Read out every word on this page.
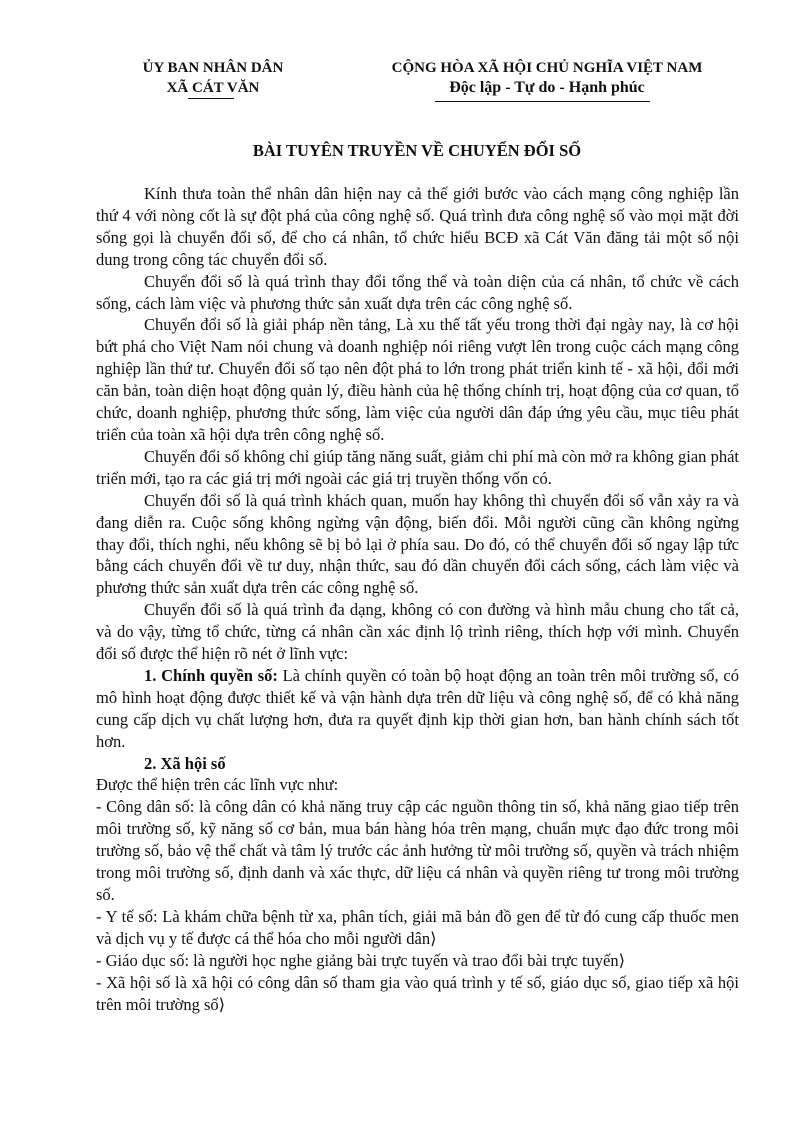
ỦY BAN NHÂN DÂN
XÃ CÁT VĂN
CỘNG HÒA XÃ HỘI CHỦ NGHĨA VIỆT NAM
Độc lập - Tự do - Hạnh phúc
BÀI TUYÊN TRUYỀN VỀ CHUYỂN ĐỔI SỐ

Kính thưa toàn thể nhân dân hiện nay cả thế giới bước vào cách mạng công nghiệp lần thứ 4 với nòng cốt là sự đột phá của công nghệ số. Quá trình đưa công nghệ số vào mọi mặt đời sống gọi là chuyển đổi số, để cho cá nhân, tổ chức hiểu BCĐ xã Cát Văn đăng tải một số nội dung trong công tác chuyển đổi số.

Chuyển đổi số là quá trình thay đổi tổng thể và toàn diện của cá nhân, tổ chức về cách sống, cách làm việc và phương thức sản xuất dựa trên các công nghệ số.

Chuyển đổi số là giải pháp nền tảng, Là xu thế tất yếu trong thời đại ngày nay, là cơ hội bứt phá cho Việt Nam nói chung và doanh nghiệp nói riêng vượt lên trong cuộc cách mạng công nghiệp lần thứ tư. Chuyển đổi số tạo nên đột phá to lớn trong phát triển kinh tế - xã hội, đổi mới căn bản, toàn diện hoạt động quản lý, điều hành của hệ thống chính trị, hoạt động của cơ quan, tổ chức, doanh nghiệp, phương thức sống, làm việc của người dân đáp ứng yêu cầu, mục tiêu phát triển của toàn xã hội dựa trên công nghệ số.

Chuyển đổi số không chỉ giúp tăng năng suất, giảm chi phí mà còn mở ra không gian phát triển mới, tạo ra các giá trị mới ngoài các giá trị truyền thống vốn có.

Chuyển đổi số là quá trình khách quan, muốn hay không thì chuyển đổi số vẫn xảy ra và đang diễn ra. Cuộc sống không ngừng vận động, biến đổi. Mỗi người cũng cần không ngừng thay đổi, thích nghi, nếu không sẽ bị bỏ lại ở phía sau. Do đó, có thể chuyển đổi số ngay lập tức bằng cách chuyển đổi về tư duy, nhận thức, sau đó dần chuyển đổi cách sống, cách làm việc và phương thức sản xuất dựa trên các công nghệ số.

Chuyển đổi số là quá trình đa dạng, không có con đường và hình mẫu chung cho tất cả, và do vậy, từng tổ chức, từng cá nhân cần xác định lộ trình riêng, thích hợp với mình. Chuyển đổi số được thể hiện rõ nét ở lĩnh vực:

1. Chính quyền số: Là chính quyền có toàn bộ hoạt động an toàn trên môi trường số, có mô hình hoạt động được thiết kế và vận hành dựa trên dữ liệu và công nghệ số, để có khả năng cung cấp dịch vụ chất lượng hơn, đưa ra quyết định kịp thời gian hơn, ban hành chính sách tốt hơn.

2. Xã hội số

Được thể hiện trên các lĩnh vực như:

- Công dân số: là công dân có khả năng truy cập các nguồn thông tin số, khả năng giao tiếp trên môi trường số, kỹ năng số cơ bản, mua bán hàng hóa trên mạng, chuẩn mực đạo đức trong môi trường số, bảo vệ thể chất và tâm lý trước các ảnh hưởng từ môi trường số, quyền và trách nhiệm trong môi trường số, định danh và xác thực, dữ liệu cá nhân và quyền riêng tư trong môi trường số.

- Y tế số: Là khám chữa bệnh từ xa, phân tích, giải mã bản đồ gen để từ đó cung cấp thuốc men và dịch vụ y tế được cá thể hóa cho mỗi người dân⟩

- Giáo dục số: là người học nghe giảng bài trực tuyến và trao đổi bài trực tuyến⟩

- Xã hội số là xã hội có công dân số tham gia vào quá trình y tế số, giáo dục số, giao tiếp xã hội trên môi trường số⟩
